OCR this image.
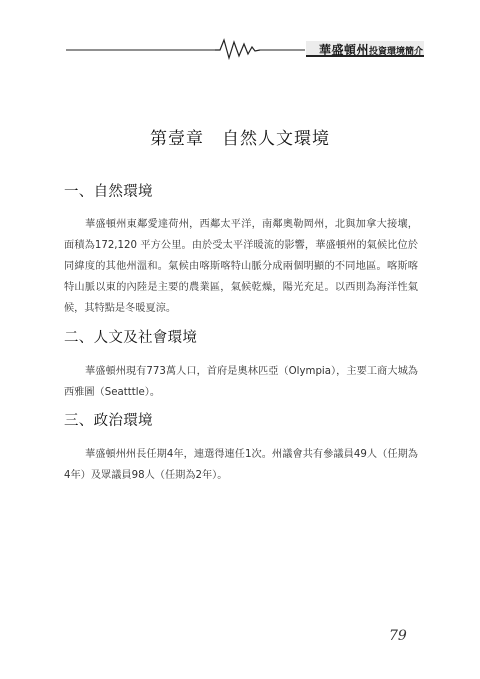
華盛頓州投資環境簡介
第壹章　自然人文環境
一、自然環境
華盛頓州東鄰愛達荷州，西鄰太平洋，南鄰奧勒岡州，北與加拿大接壤，面積為172,120 平方公里。由於受太平洋暖流的影響，華盛頓州的氣候比位於同緯度的其他州溫和。氣候由喀斯喀特山脈分成兩個明顯的不同地區。喀斯喀特山脈以東的內陸是主要的農業區，氣候乾燥，陽光充足。以西則為海洋性氣候，其特點是冬暖夏涼。
二、人文及社會環境
華盛頓州現有773萬人口，首府是奧林匹亞（Olympia），主要工商大城為西雅圖（Seatttle）。
三、政治環境
華盛頓州州長任期4年，連選得連任1次。州議會共有參議員49人（任期為4年）及眾議員98人（任期為2年）。
79
